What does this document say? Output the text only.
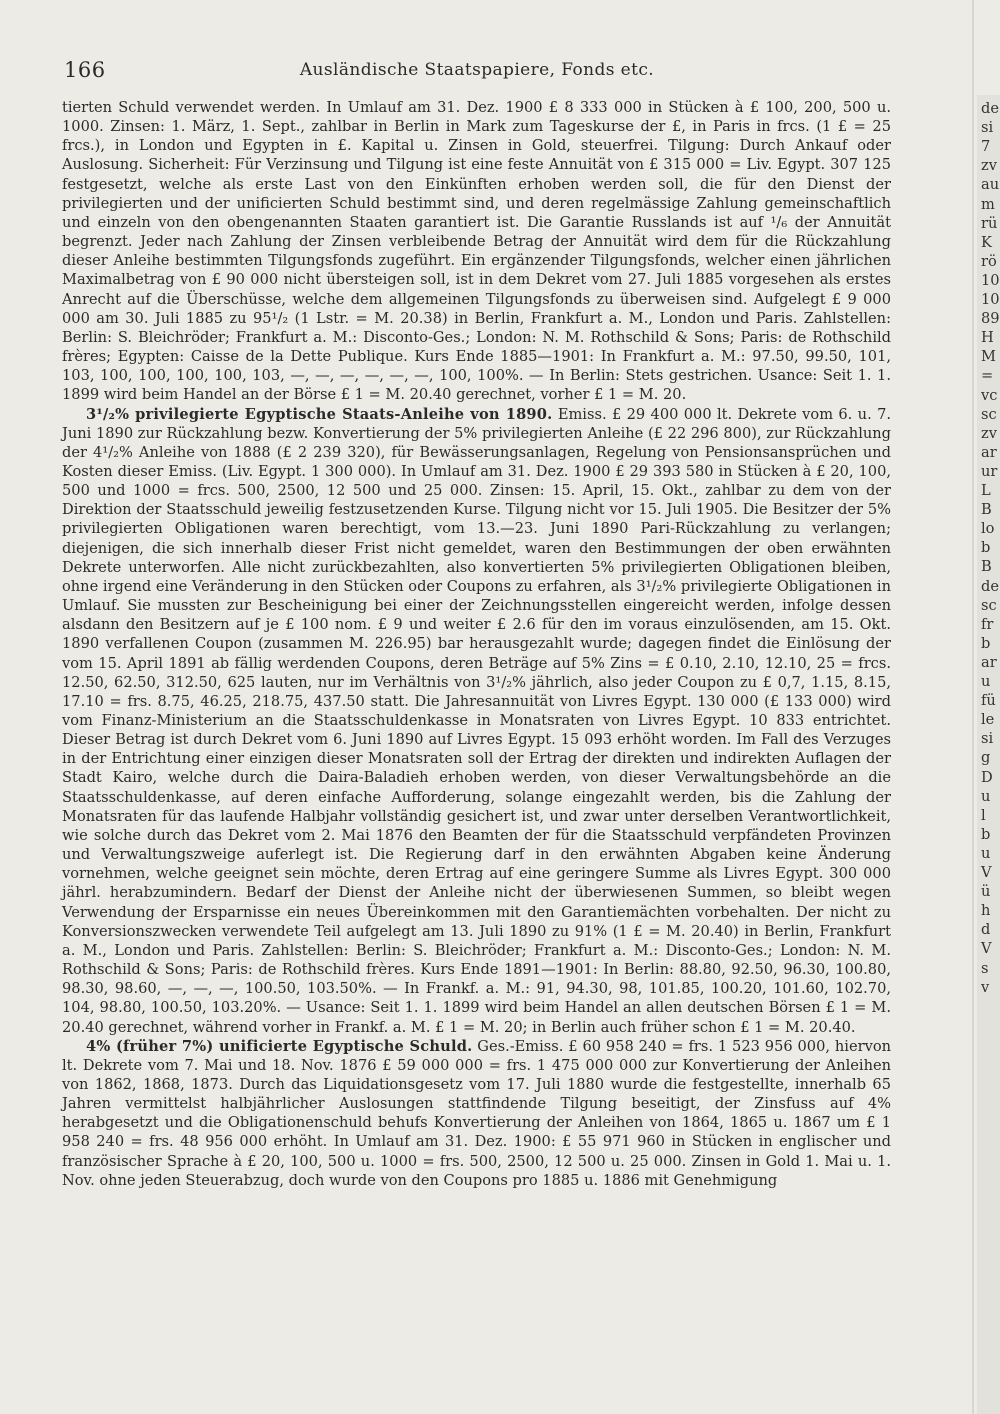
166	Ausländische Staatspapiere, Fonds etc.

tierten Schuld verwendet werden. In Umlauf am 31. Dez. 1900 £ 8 333 000 in Stücken à £ 100, 200, 500 u. 1000. Zinsen: 1. März, 1. Sept., zahlbar in Berlin in Mark zum Tageskurse der £, in Paris in frcs. (1 £ = 25 frcs.), in London und Egypten in £. Kapital u. Zinsen in Gold, steuerfrei. Tilgung: Durch Ankauf oder Auslosung. Sicherheit: Für Verzinsung und Tilgung ist eine feste Annuität von £ 315 000 = Liv. Egypt. 307 125 festgesetzt, welche als erste Last von den Einkünften erhoben werden soll, die für den Dienst der privilegierten und der unificierten Schuld bestimmt sind, und deren regelmässige Zahlung gemeinschaftlich und einzeln von den obengenannten Staaten garantiert ist. Die Garantie Russlands ist auf ¹/₆ der Annuität begrenzt. Jeder nach Zahlung der Zinsen verbleibende Betrag der Annuität wird dem für die Rückzahlung dieser Anleihe bestimmten Tilgungsfonds zugeführt. Ein ergänzender Tilgungsfonds, welcher einen jährlichen Maximalbetrag von £ 90 000 nicht übersteigen soll, ist in dem Dekret vom 27. Juli 1885 vorgesehen als erstes Anrecht auf die Überschüsse, welche dem allgemeinen Tilgungsfonds zu überweisen sind. Aufgelegt £ 9 000 000 am 30. Juli 1885 zu 95¹/₂ (1 Lstr. = M. 20.38) in Berlin, Frankfurt a. M., London und Paris. Zahlstellen: Berlin: S. Bleichröder; Frankfurt a. M.: Disconto-Ges.; London: N. M. Rothschild & Sons; Paris: de Rothschild frères; Egypten: Caisse de la Dette Publique. Kurs Ende 1885—1901: In Frankfurt a. M.: 97.50, 99.50, 101, 103, 100, 100, 100, 100, 103, —, —, —, —, —, —, 100, 100%. — In Berlin: Stets gestrichen. Usance: Seit 1. 1. 1899 wird beim Handel an der Börse £ 1 = M. 20.40 gerechnet, vorher £ 1 = M. 20.

3¹/₂% privilegierte Egyptische Staats-Anleihe von 1890. Emiss. £ 29 400 000 lt. Dekrete vom 6. u. 7. Juni 1890 zur Rückzahlung bezw. Konvertierung der 5% privilegierten Anleihe (£ 22 296 800), zur Rückzahlung der 4¹/₂% Anleihe von 1888 (£ 2 239 320), für Bewässerungsanlagen, Regelung von Pensionsansprüchen und Kosten dieser Emiss. (Liv. Egypt. 1 300 000). In Umlauf am 31. Dez. 1900 £ 29 393 580 in Stücken à £ 20, 100, 500 und 1000 = frcs. 500, 2500, 12 500 und 25 000. Zinsen: 15. April, 15. Okt., zahlbar zu dem von der Direktion der Staatsschuld jeweilig festzusetzenden Kurse. Tilgung nicht vor 15. Juli 1905. Die Besitzer der 5% privilegierten Obligationen waren berechtigt, vom 13.—23. Juni 1890 Pari-Rückzahlung zu verlangen; diejenigen, die sich innerhalb dieser Frist nicht gemeldet, waren den Bestimmungen der oben erwähnten Dekrete unterworfen. Alle nicht zurückbezahlten, also konvertierten 5% privilegierten Obligationen bleiben, ohne irgend eine Veränderung in den Stücken oder Coupons zu erfahren, als 3¹/₂% privilegierte Obligationen in Umlauf. Sie mussten zur Bescheinigung bei einer der Zeichnungsstellen eingereicht werden, infolge dessen alsdann den Besitzern auf je £ 100 nom. £ 9 und weiter £ 2.6 für den im voraus einzulösenden, am 15. Okt. 1890 verfallenen Coupon (zusammen M. 226.95) bar herausgezahlt wurde; dagegen findet die Einlösung der vom 15. April 1891 ab fällig werdenden Coupons, deren Beträge auf 5% Zins = £ 0.10, 2.10, 12.10, 25 = frcs. 12.50, 62.50, 312.50, 625 lauten, nur im Verhältnis von 3¹/₂% jährlich, also jeder Coupon zu £ 0,7, 1.15, 8.15, 17.10 = frs. 8.75, 46.25, 218.75, 437.50 statt. Die Jahresannuität von Livres Egypt. 130 000 (£ 133 000) wird vom Finanz-Ministerium an die Staatsschuldenkasse in Monatsraten von Livres Egypt. 10 833 entrichtet. Dieser Betrag ist durch Dekret vom 6. Juni 1890 auf Livres Egypt. 15 093 erhöht worden. Im Fall des Verzuges in der Entrichtung einer einzigen dieser Monatsraten soll der Ertrag der direkten und indirekten Auflagen der Stadt Kairo, welche durch die Daira-Baladieh erhoben werden, von dieser Verwaltungsbehörde an die Staatsschuldenkasse, auf deren einfache Aufforderung, solange eingezahlt werden, bis die Zahlung der Monatsraten für das laufende Halbjahr vollständig gesichert ist, und zwar unter derselben Verantwortlichkeit, wie solche durch das Dekret vom 2. Mai 1876 den Beamten der für die Staatsschuld verpfändeten Provinzen und Verwaltungszweige auferlegt ist. Die Regierung darf in den erwähnten Abgaben keine Änderung vornehmen, welche geeignet sein möchte, deren Ertrag auf eine geringere Summe als Livres Egypt. 300 000 jährl. herabzumindern. Bedarf der Dienst der Anleihe nicht der überwiesenen Summen, so bleibt wegen Verwendung der Ersparnisse ein neues Übereinkommen mit den Garantiemächten vorbehalten. Der nicht zu Konversionszwecken verwendete Teil aufgelegt am 13. Juli 1890 zu 91% (1 £ = M. 20.40) in Berlin, Frankfurt a. M., London und Paris. Zahlstellen: Berlin: S. Bleichröder; Frankfurt a. M.: Disconto-Ges.; London: N. M. Rothschild & Sons; Paris: de Rothschild frères. Kurs Ende 1891—1901: In Berlin: 88.80, 92.50, 96.30, 100.80, 98.30, 98.60, —, —, —, 100.50, 103.50%. — In Frankf. a. M.: 91, 94.30, 98, 101.85, 100.20, 101.60, 102.70, 104, 98.80, 100.50, 103.20%. — Usance: Seit 1. 1. 1899 wird beim Handel an allen deutschen Börsen £ 1 = M. 20.40 gerechnet, während vorher in Frankf. a. M. £ 1 = M. 20; in Berlin auch früher schon £ 1 = M. 20.40.

4% (früher 7%) unificierte Egyptische Schuld. Ges.-Emiss. £ 60 958 240 = frs. 1 523 956 000, hiervon lt. Dekrete vom 7. Mai und 18. Nov. 1876 £ 59 000 000 = frs. 1 475 000 000 zur Konvertierung der Anleihen von 1862, 1868, 1873. Durch das Liquidationsgesetz vom 17. Juli 1880 wurde die festgestellte, innerhalb 65 Jahren vermittelst halbjährlicher Auslosungen stattfindende Tilgung beseitigt, der Zinsfuss auf 4% herabgesetzt und die Obligationenschuld behufs Konvertierung der Anleihen von 1864, 1865 u. 1867 um £ 1 958 240 = frs. 48 956 000 erhöht. In Umlauf am 31. Dez. 1900: £ 55 971 960 in Stücken in englischer und französischer Sprache à £ 20, 100, 500 u. 1000 = frs. 500, 2500, 12 500 u. 25 000. Zinsen in Gold 1. Mai u. 1. Nov. ohne jeden Steuerabzug, doch wurde von den Coupons pro 1885 u. 1886 mit Genehmigung

de
si
7
zv
au
m
rü
K
rö
10
10
89
H
M
=
vc
sc
zv
ar
ur
L
B
lo
b
B
de
sc
fr
b
ar
u
fü
le
si
g
D
u
l
b
u
V
ü
h
d
V
s
v
